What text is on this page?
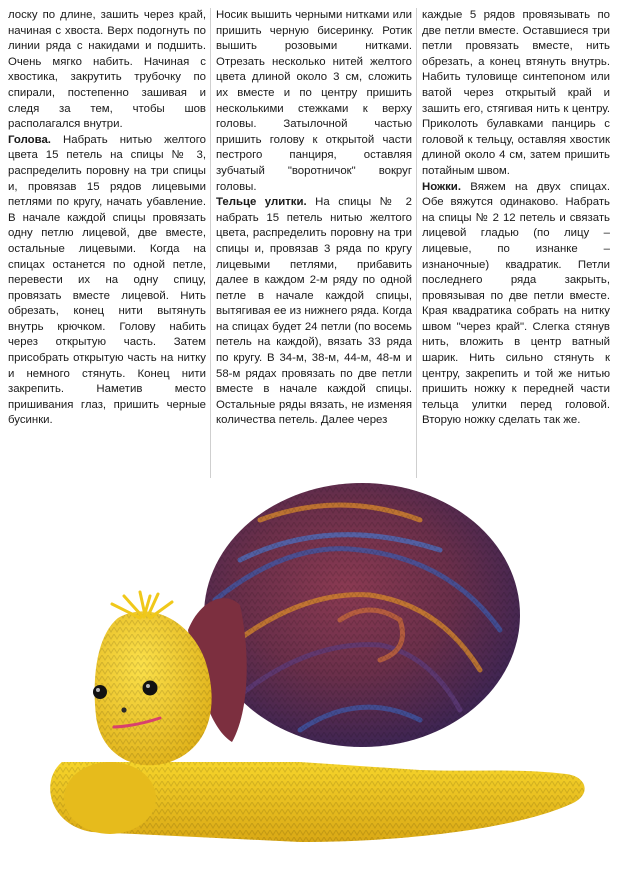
лоску по длине, зашить через край, начиная с хвоста. Верх подогнуть по линии ряда с накидами и подшить. Очень мягко набить. Начиная с хвостика, закрутить трубочку по спирали, постепенно зашивая и следя за тем, чтобы шов располагался внутри.

Голова. Набрать нитью желтого цвета 15 петель на спицы № 3, распределить поровну на три спицы и, провязав 15 рядов лицевыми петлями по кругу, начать убавление. В начале каждой спицы провязать одну петлю лицевой, две вместе, остальные лицевыми. Когда на спицах останется по одной петле, перевести их на одну спицу, провязать вместе лицевой. Нить обрезать, конец нити вытянуть внутрь крючком. Голову набить через открытую часть. Затем присобрать открытую часть на нитку и немного стянуть. Конец нити закрепить. Наметив место пришивания глаз, пришить черные бусинки.

Носик вышить черными нитками или пришить черную бисеринку. Ротик вышить розовыми нитками. Отрезать несколько нитей желтого цвета длиной около 3 см, сложить их вместе и по центру пришить несколькими стежками к верху головы. Затылочной частью пришить голову к открытой части пестрого панциря, оставляя зубчатый "воротничок" вокруг головы.

Тельце улитки. На спицы № 2 набрать 15 петель нитью желтого цвета, распределить поровну на три спицы и, провязав 3 ряда по кругу лицевыми петлями, прибавить далее в каждом 2-м ряду по одной петле в начале каждой спицы, вытягивая ее из нижнего ряда. Когда на спицах будет 24 петли (по восемь петель на каждой), вязать 33 ряда по кругу. В 34-м, 38-м, 44-м, 48-м и 58-м рядах провязать по две петли вместе в начале каждой спицы. Остальные ряды вязать, не изменяя количества петель. Далее через

каждые 5 рядов провязывать по две петли вместе. Оставшиеся три петли провязать вместе, нить обрезать, а конец втянуть внутрь. Набить туловище синтепоном или ватой через открытый край и зашить его, стягивая нить к центру. Приколоть булавками панцирь с головой к тельцу, оставляя хвостик длиной около 4 см, затем пришить потайным швом.

Ножки. Вяжем на двух спицах. Обе вяжутся одинаково. Набрать на спицы № 2 12 петель и связать лицевой гладью (по лицу – лицевые, по изнанке – изнаночные) квадратик. Петли последнего ряда закрыть, провязывая по две петли вместе. Края квадратика собрать на нитку швом "через край". Слегка стянув нить, вложить в центр ватный шарик. Нить сильно стянуть к центру, закрепить и той же нитью пришить ножку к передней части тельца улитки перед головой. Вторую ножку сделать так же.
